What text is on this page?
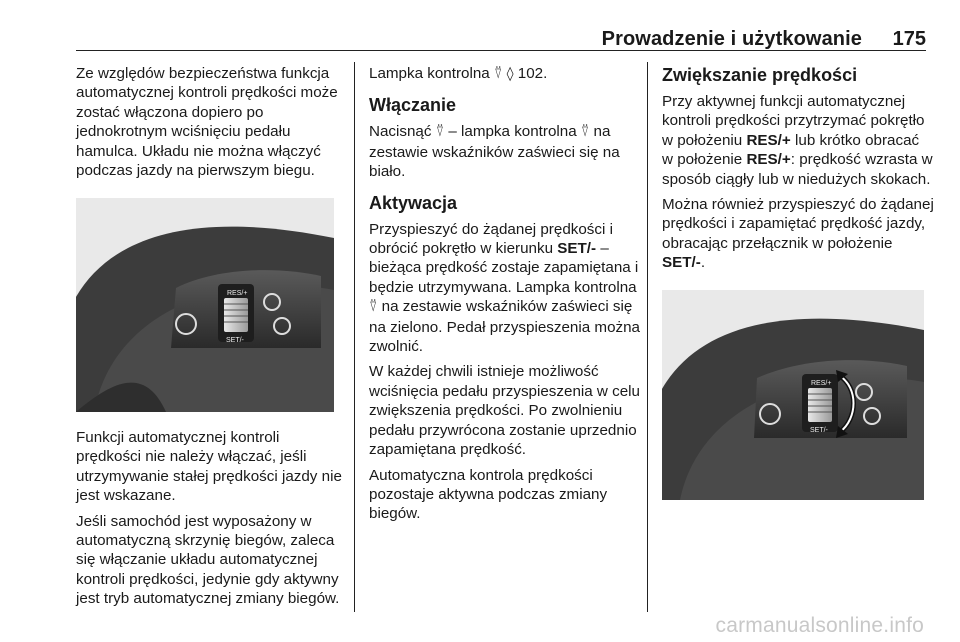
Prowadzenie i użytkowanie 175

Ze względów bezpieczeństwa funkcja automatycznej kontroli prędkości może zostać włączona dopiero po jednokrotnym wciśnięciu pedału hamulca. Układu nie można włączyć podczas jazdy na pierwszym biegu.

RES/+
SET/-

Funkcji automatycznej kontroli prędkości nie należy włączać, jeśli utrzymywanie stałej prędkości jazdy nie jest wskazane.

Jeśli samochód jest wyposażony w automatyczną skrzynię biegów, zaleca się włączanie układu automatycznej kontroli prędkości, jedynie gdy aktywny jest tryb automatycznej zmiany biegów.

Lampka kontrolna ⍢ ◊ 102.

Włączanie

Nacisnąć ⍢ – lampka kontrolna ⍢ na zestawie wskaźników zaświeci się na biało.

Aktywacja

Przyspieszyć do żądanej prędkości i obrócić pokrętło w kierunku SET/- – bieżąca prędkość zostaje zapamiętana i będzie utrzymywana. Lampka kontrolna ⍢ na zestawie wskaźników zaświeci się na zielono. Pedał przyspieszenia można zwolnić.

W każdej chwili istnieje możliwość wciśnięcia pedału przyspieszenia w celu zwiększenia prędkości. Po zwolnieniu pedału przywrócona zostanie uprzednio zapamiętana prędkość.

Automatyczna kontrola prędkości pozostaje aktywna podczas zmiany biegów.

Zwiększanie prędkości

Przy aktywnej funkcji automatycznej kontroli prędkości przytrzymać pokrętło w położeniu RES/+ lub krótko obracać w położenie RES/+: prędkość wzrasta w sposób ciągły lub w niedużych skokach.

Można również przyspieszyć do żądanej prędkości i zapamiętać prędkość jazdy, obracając przełącznik w położenie SET/-.

RES/+
SET/-
carmanualsonline.info
